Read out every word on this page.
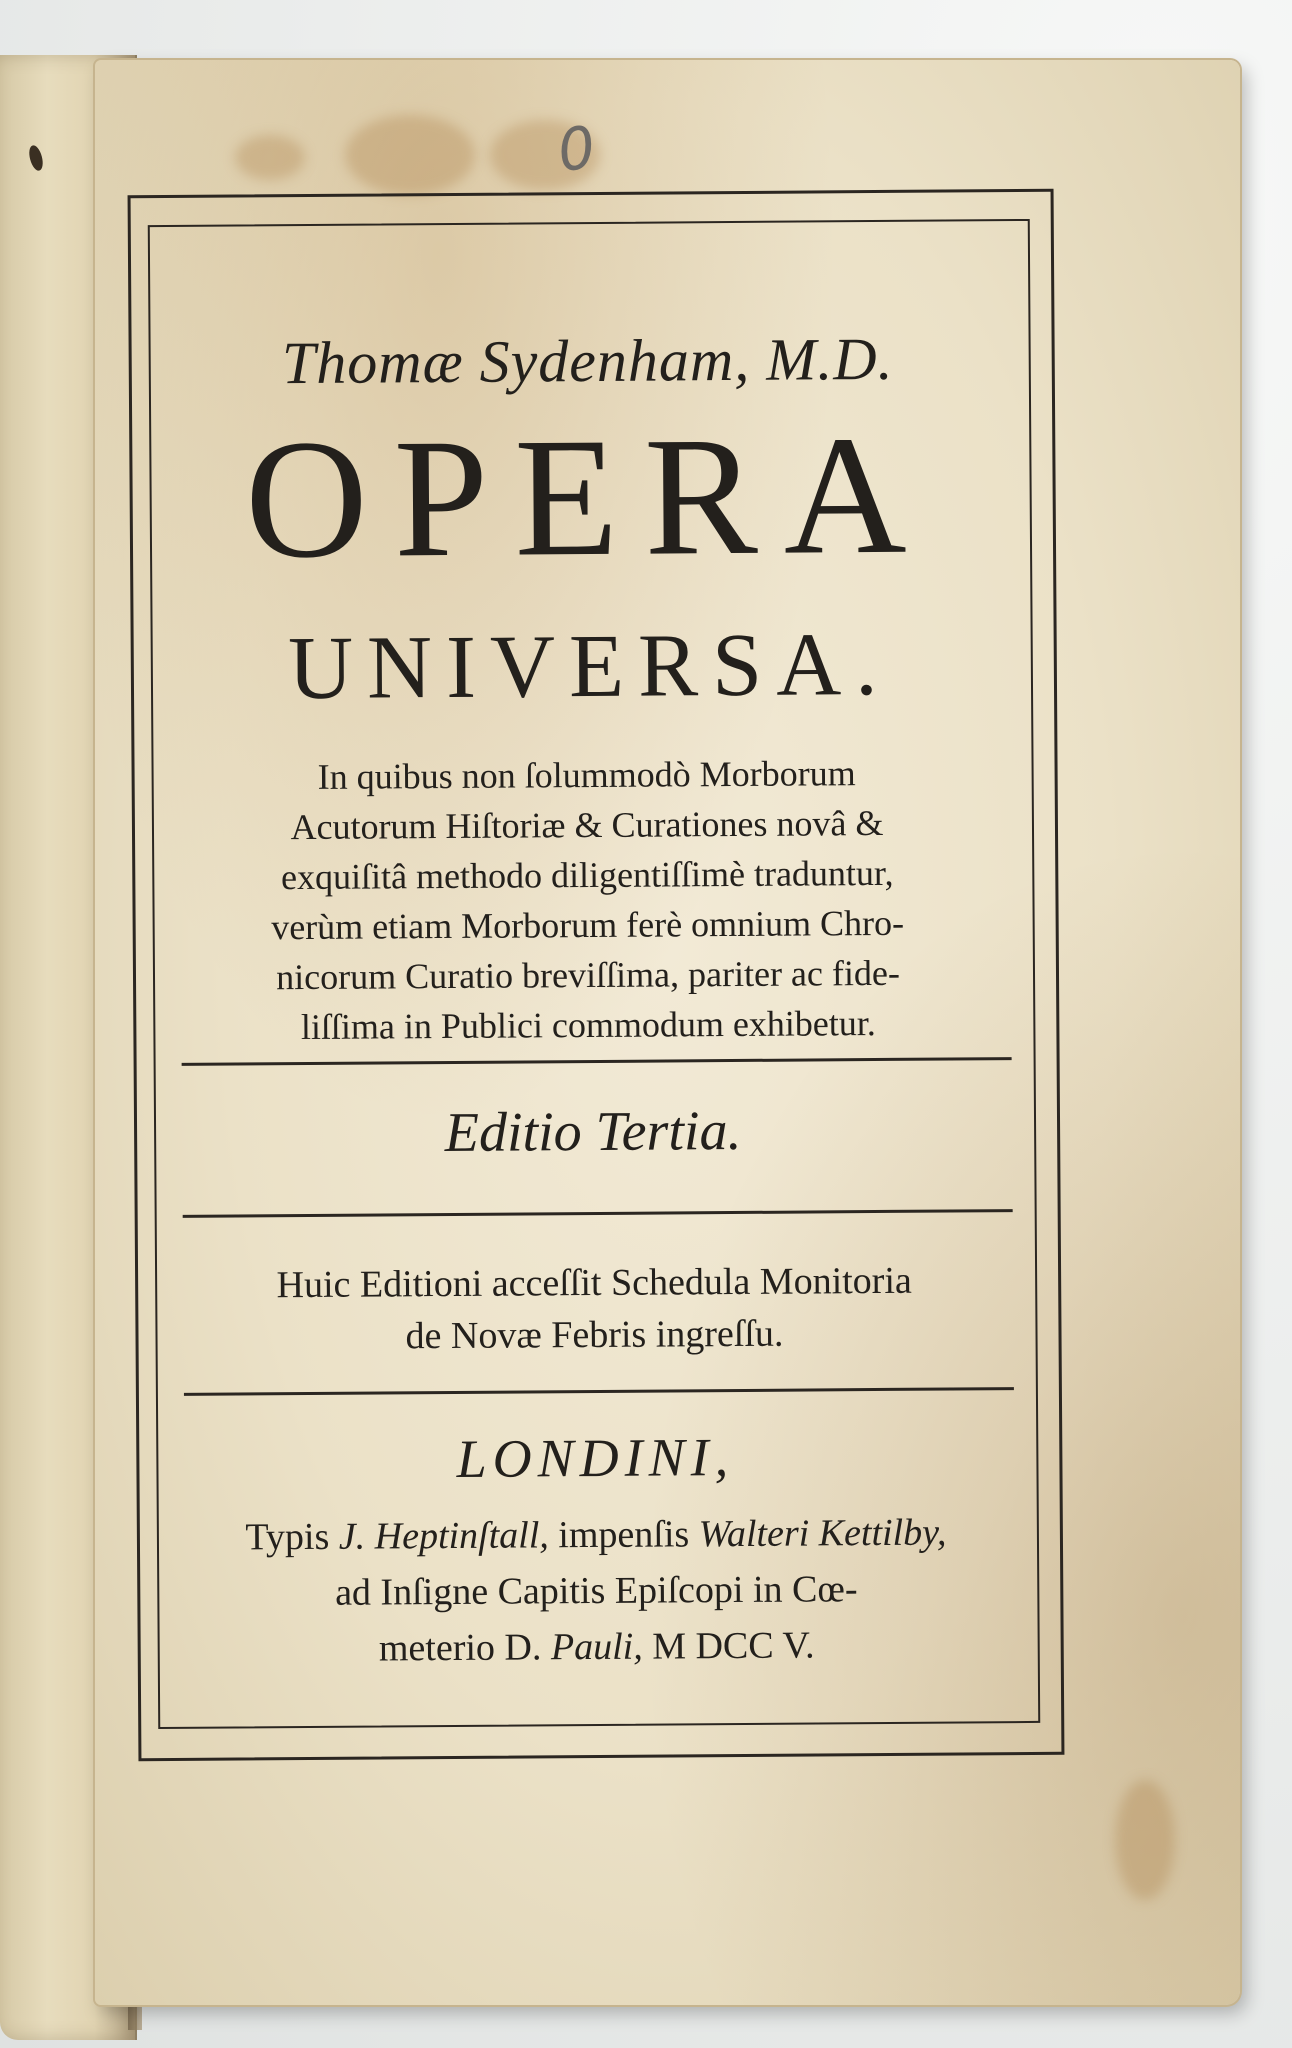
0
Thomæ Sydenham, M.D.
OPERA
UNIVERSA.
In quibus non ſolummodò Morborum
Acutorum Hiſtoriæ & Curationes novâ &
exquiſitâ methodo diligentiſſimè traduntur,
verùm etiam Morborum ferè omnium Chro-
nicorum Curatio breviſſima, pariter ac fide-
liſſima in Publici commodum exhibetur.
Editio Tertia.
Huic Editioni acceſſit Schedula Monitoria
de Novæ Febris ingreſſu.
LONDINI,
Typis J. Heptinſtall, impenſis Walteri Kettilby,
ad Inſigne Capitis Epiſcopi in Cœ-
meterio D. Pauli, M DCC V.
